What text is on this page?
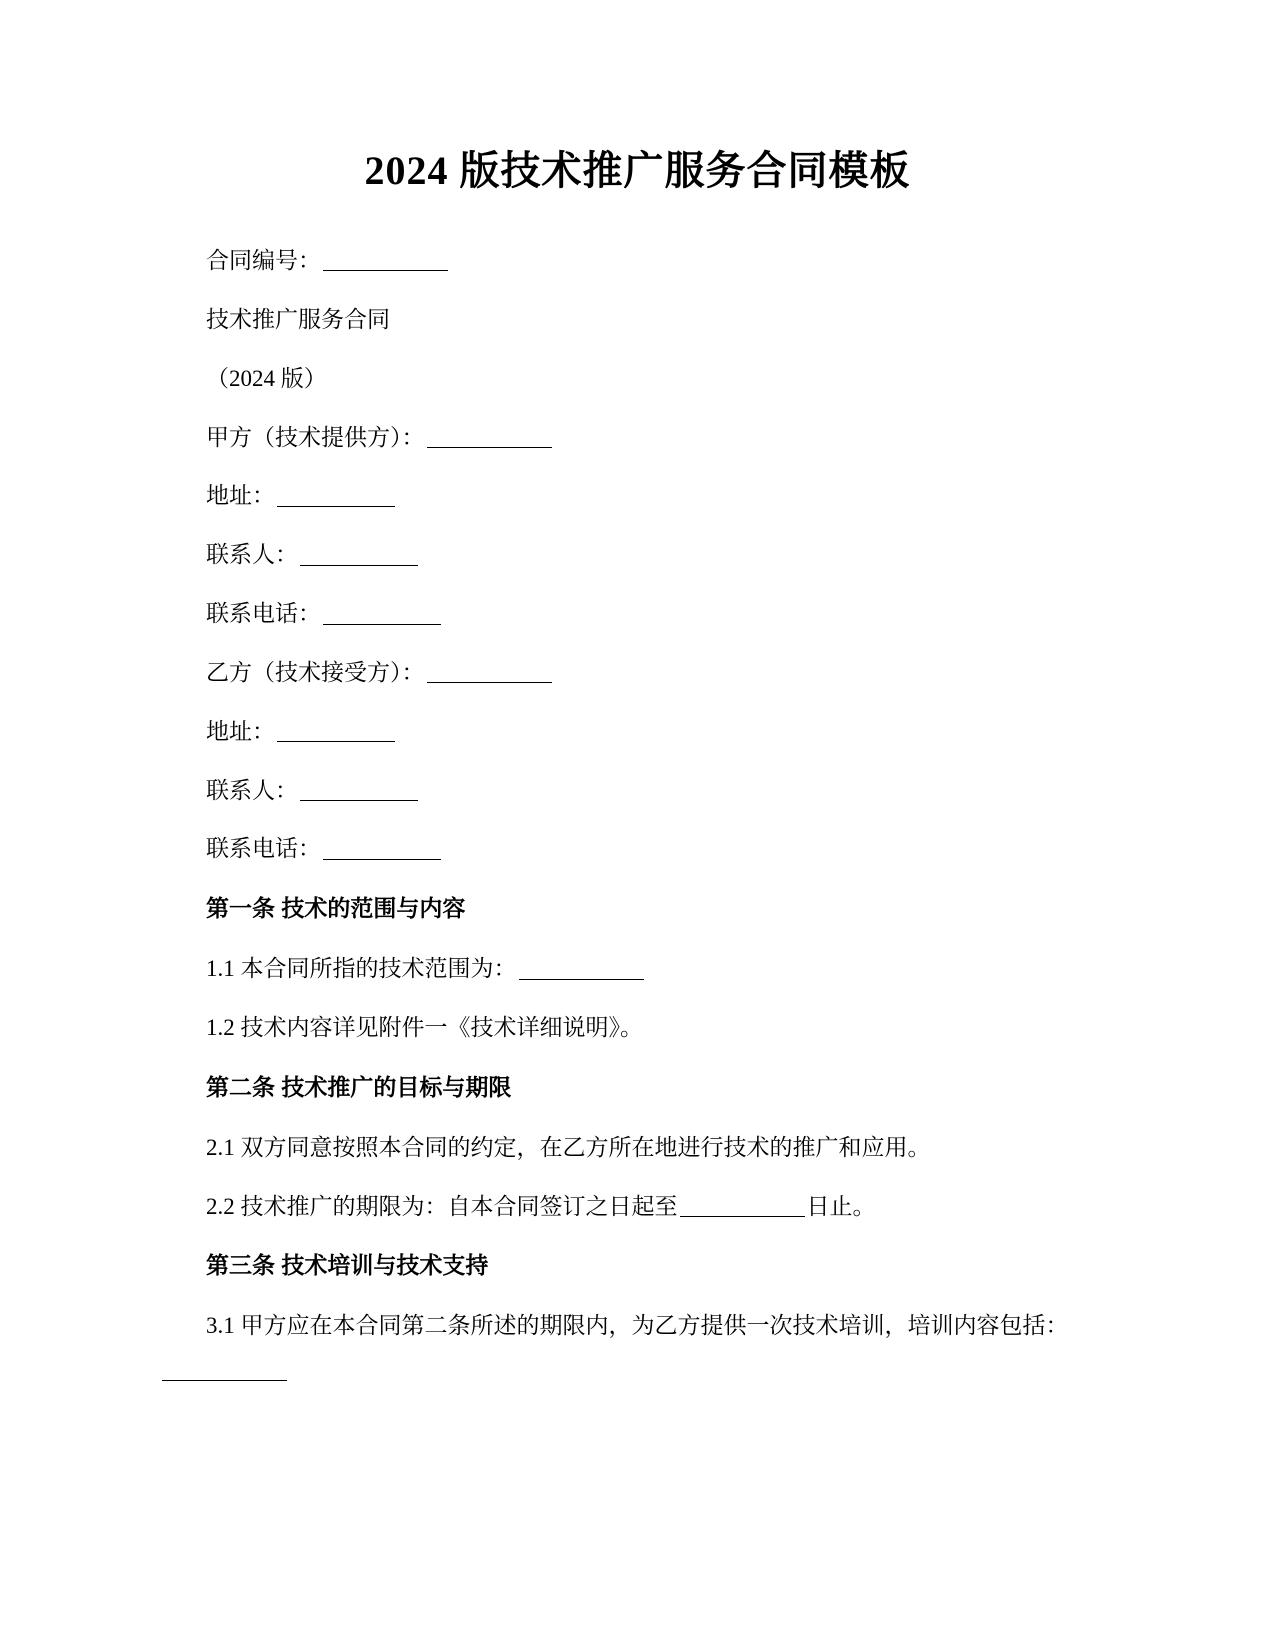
2024 版技术推广服务合同模板

合同编号：

技术推广服务合同

（2024 版）

甲方（技术提供方）：

地址：

联系人：

联系电话：

乙方（技术接受方）：

地址：

联系人：

联系电话：

第一条 技术的范围与内容

1.1 本合同所指的技术范围为：

1.2 技术内容详见附件一《技术详细说明》。

第二条 技术推广的目标与期限

2.1 双方同意按照本合同的约定，在乙方所在地进行技术的推广和应用。

2.2 技术推广的期限为：自本合同签订之日起至	日止。

第三条 技术培训与技术支持

3.1 甲方应在本合同第二条所述的期限内，为乙方提供一次技术培训，培训内容包括：
